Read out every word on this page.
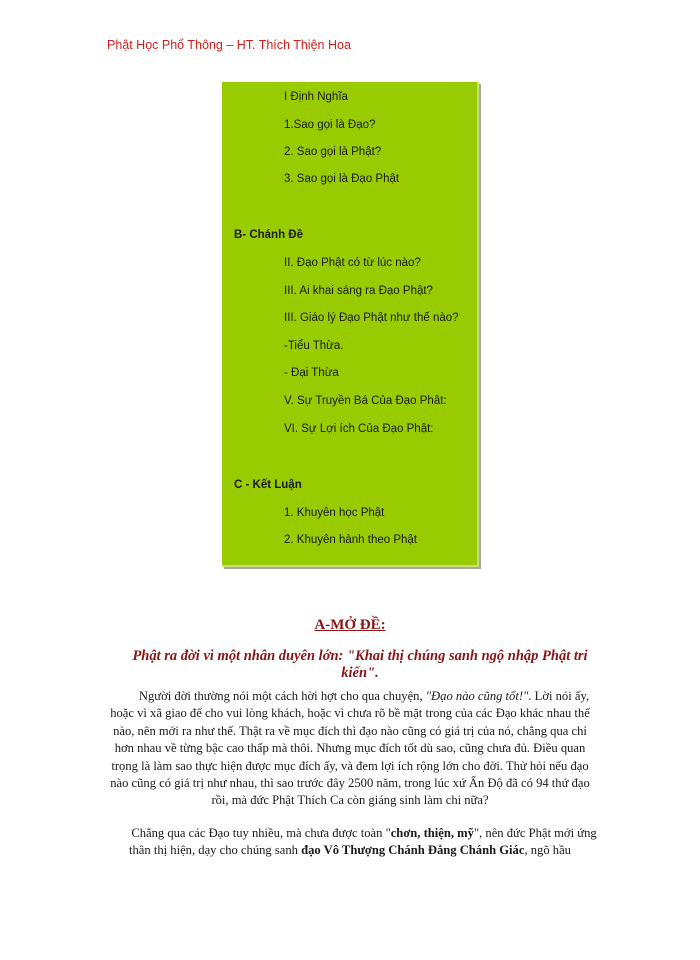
Phật Học Phổ Thông – HT. Thích Thiện Hoa
I Định Nghĩa
1.Sao gọi là Đạo?
2. Sao gọi là Phật?
3. Sao gọi là Đạo Phật
B- Chánh Đề
II. Đạo Phật có từ lúc nào?
III. Ai khai sáng ra Đạo Phật?
III. Giáo lý Đạo Phật như thế nào?
-Tiểu Thừa.
- Đại Thừa
V. Sự Truyền Bá Của Đạo Phât:
VI. Sự Lợi ích Của Đạo Phật:
C - Kết Luận
1. Khuyên học Phật
2. Khuyên hành theo Phật
A-MỞ ĐỀ:
Phật ra đời vì một nhân duyên lớn: "Khai thị chúng sanh ngộ nhập Phật tri kiến".
Người đời thường nói một cách hời hợt cho qua chuyện, "Đạo nào cũng tốt!". Lời nói ấy, hoặc vì xã giao để cho vui lòng khách, hoặc vì chưa rõ bề mặt trong của các Đạo khác nhau thế nào, nên mới ra như thế. Thật ra về mục đích thì đạo nào cũng có giá trị của nó, chẳng qua chỉ hơn nhau về từng bậc cao thấp mà thôi. Nhưng mục đích tốt dù sao, cũng chưa đủ. Điều quan trọng là làm sao thực hiện được mục đích ấy, và đem lợi ích rộng lớn cho đời. Thử hỏi nếu đạo nào cũng có giá trị như nhau, thì sao trước đây 2500 năm, trong lúc xứ Ấn Độ đã có 94 thứ đạo rồi, mà đức Phật Thích Ca còn giáng sinh làm chi nữa?
Chẳng qua các Đạo tuy nhiều, mà chưa được toàn "chơn, thiện, mỹ", nên đức Phật mới ứng thân thị hiện, dạy cho chúng sanh đạo Vô Thượng Chánh Đẳng Chánh Giác, ngõ hầu
